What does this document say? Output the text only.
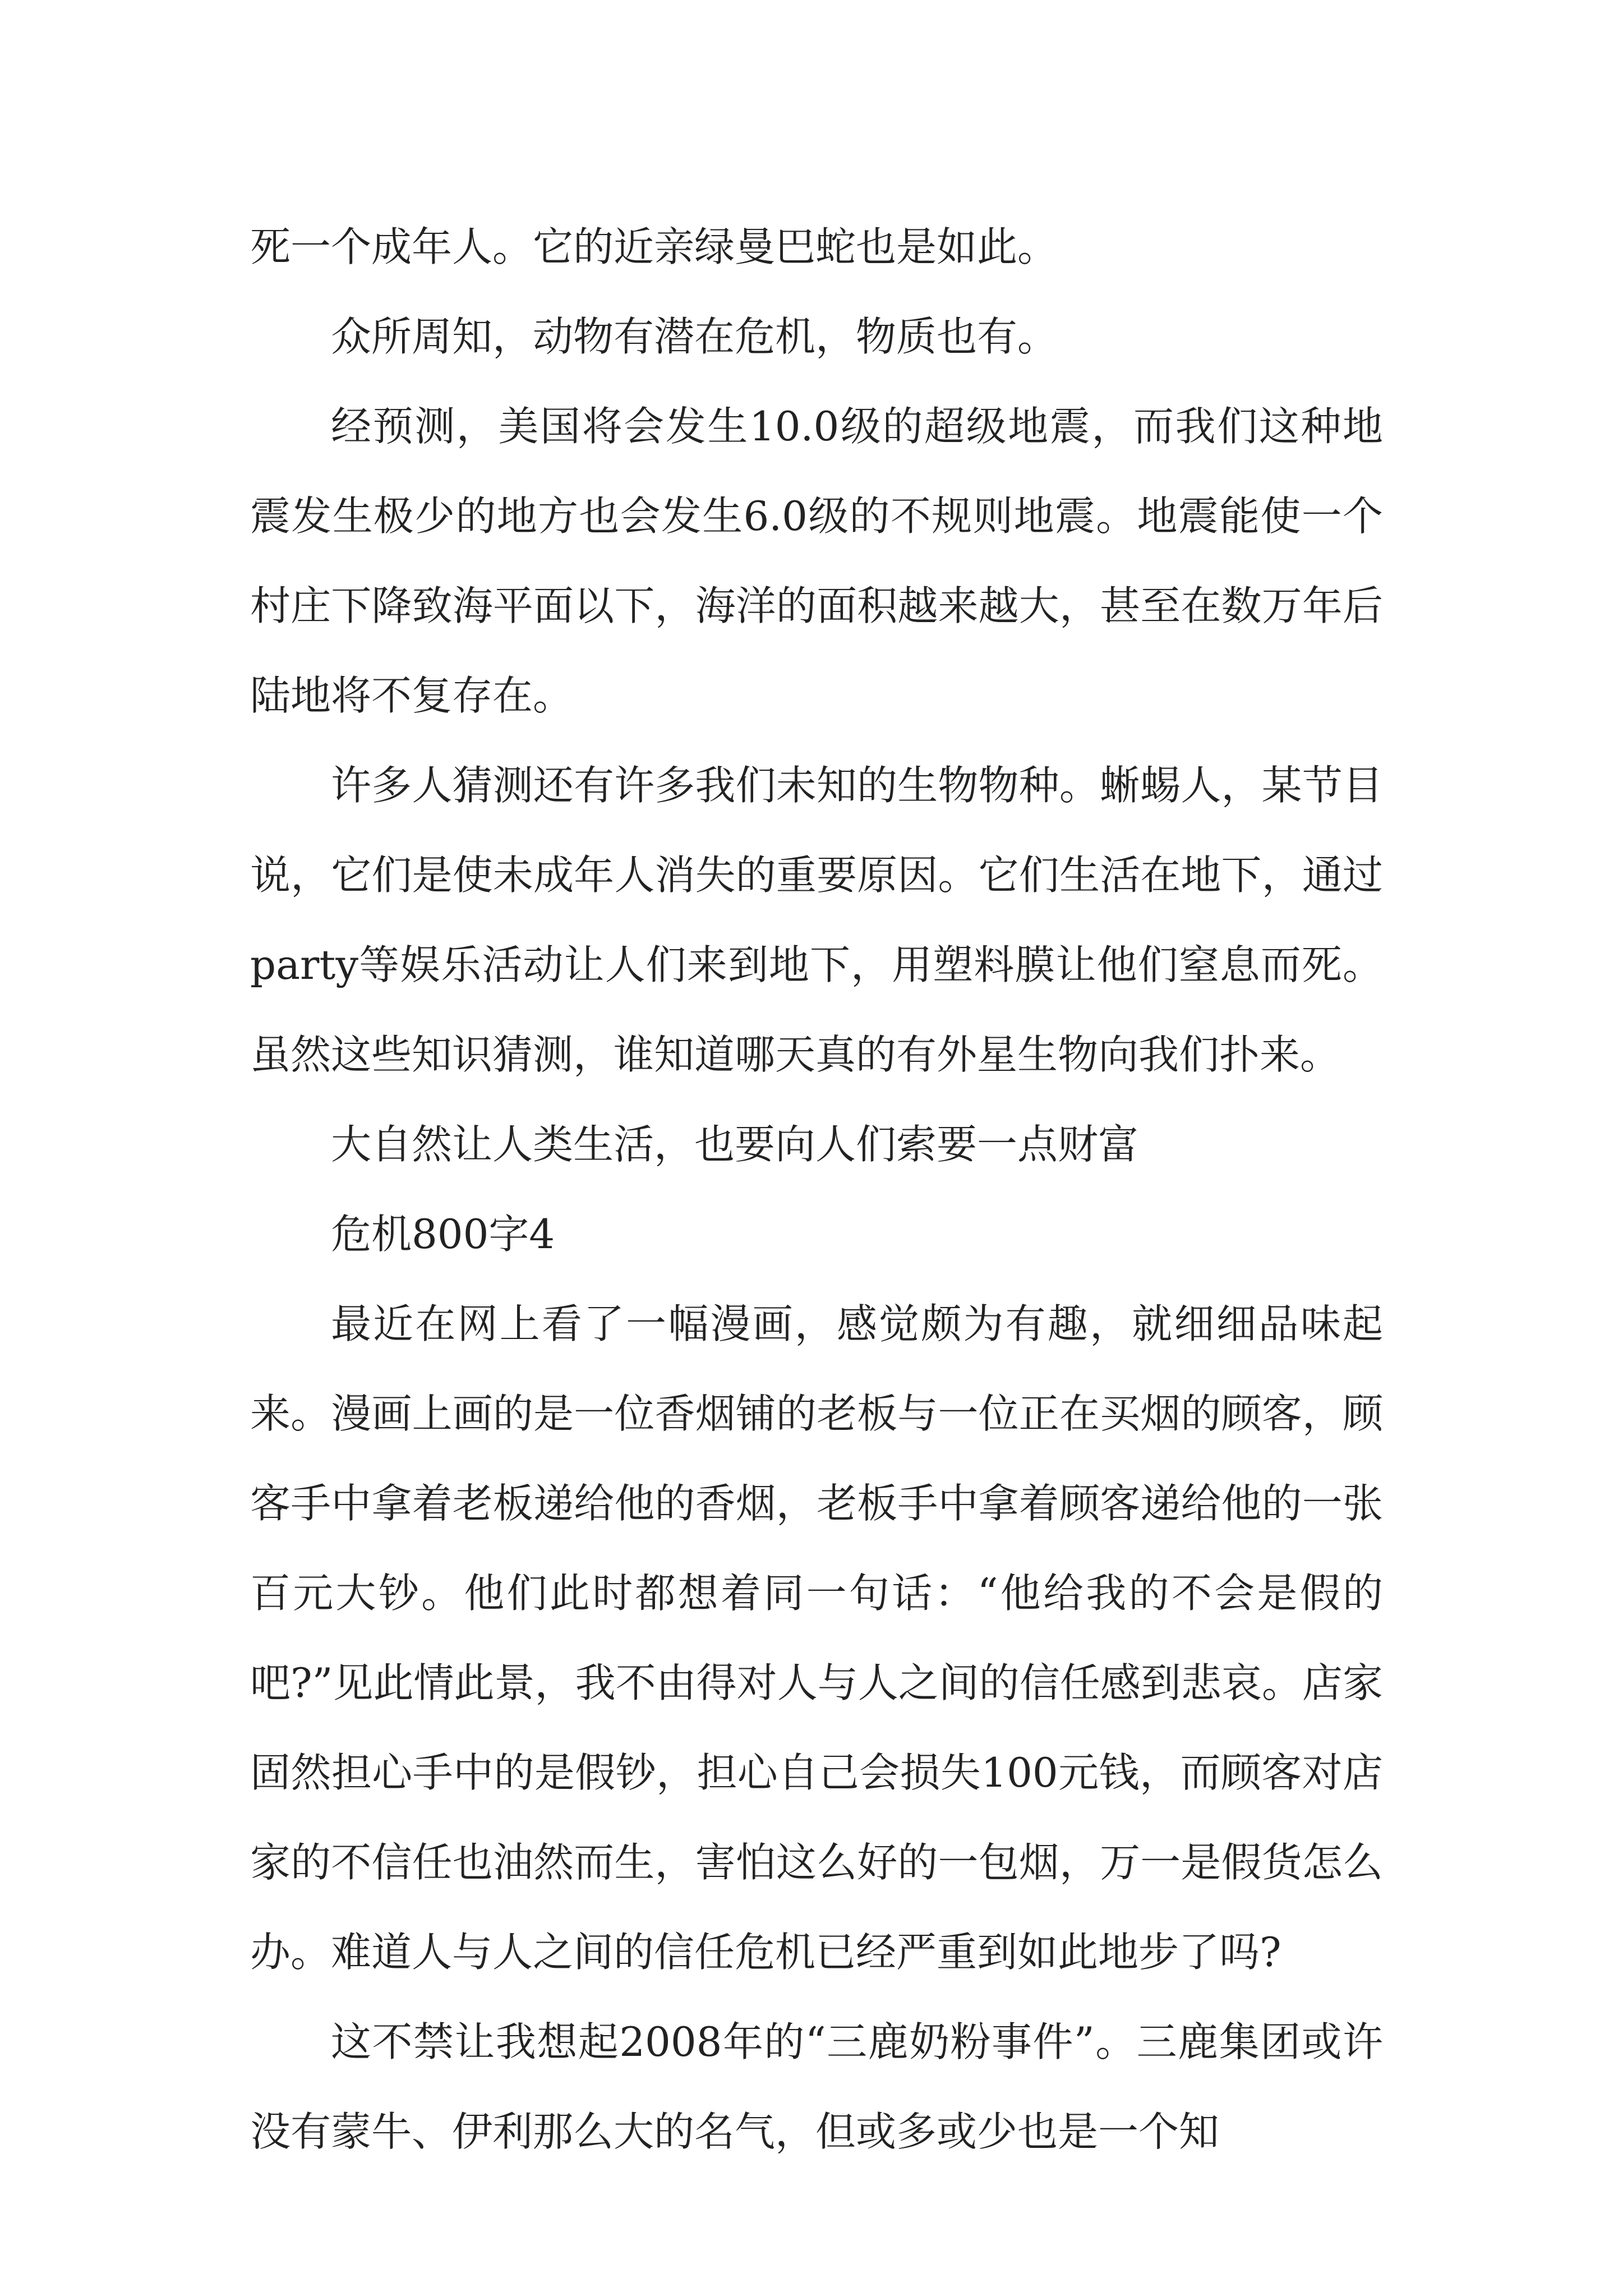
死一个成年人。它的近亲绿曼巴蛇也是如此。

众所周知，动物有潜在危机，物质也有。

经预测，美国将会发生10.0级的超级地震，而我们这种地震发生极少的地方也会发生6.0级的不规则地震。地震能使一个村庄下降致海平面以下，海洋的面积越来越大，甚至在数万年后陆地将不复存在。

许多人猜测还有许多我们未知的生物物种。蜥蜴人，某节目说，它们是使未成年人消失的重要原因。它们生活在地下，通过party等娱乐活动让人们来到地下，用塑料膜让他们窒息而死。虽然这些知识猜测，谁知道哪天真的有外星生物向我们扑来。

大自然让人类生活，也要向人们索要一点财富

危机800字4

最近在网上看了一幅漫画，感觉颇为有趣，就细细品味起来。漫画上画的是一位香烟铺的老板与一位正在买烟的顾客，顾客手中拿着老板递给他的香烟，老板手中拿着顾客递给他的一张百元大钞。他们此时都想着同一句话：“他给我的不会是假的吧?”见此情此景，我不由得对人与人之间的信任感到悲哀。店家固然担心手中的是假钞，担心自己会损失100元钱，而顾客对店家的不信任也油然而生，害怕这么好的一包烟，万一是假货怎么办。难道人与人之间的信任危机已经严重到如此地步了吗?

这不禁让我想起2008年的“三鹿奶粉事件”。三鹿集团或许没有蒙牛、伊利那么大的名气，但或多或少也是一个知
